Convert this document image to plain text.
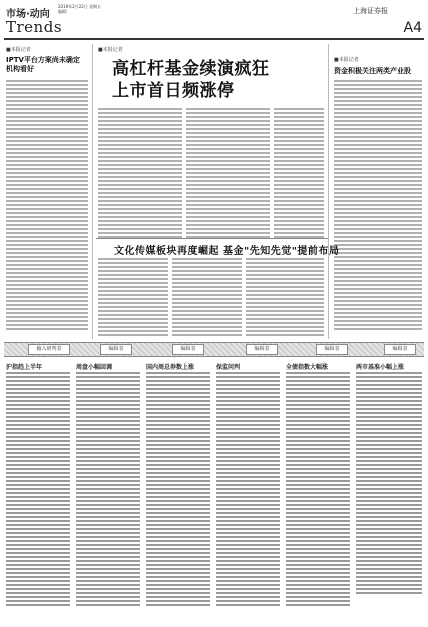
市场·动向
2019年2月22日 星期五
编辑:
Trends
上海证券报
A4
■本报记者
IPTV平台方案尚未确定
机构看好
■本报记者
高杠杆基金续演疯狂
上市首日频涨停
■本报记者
资金积极关注两类产业股
文化传媒板块再度崛起 基金"先知先觉"提前布局
输入研判表	编辑表	编辑表	编辑表	编辑表	编辑表
沪指趋上半年	周盘小幅回调	国内周总券数上涨	保监问判	全债指数大幅涨	两市基准小幅上涨
